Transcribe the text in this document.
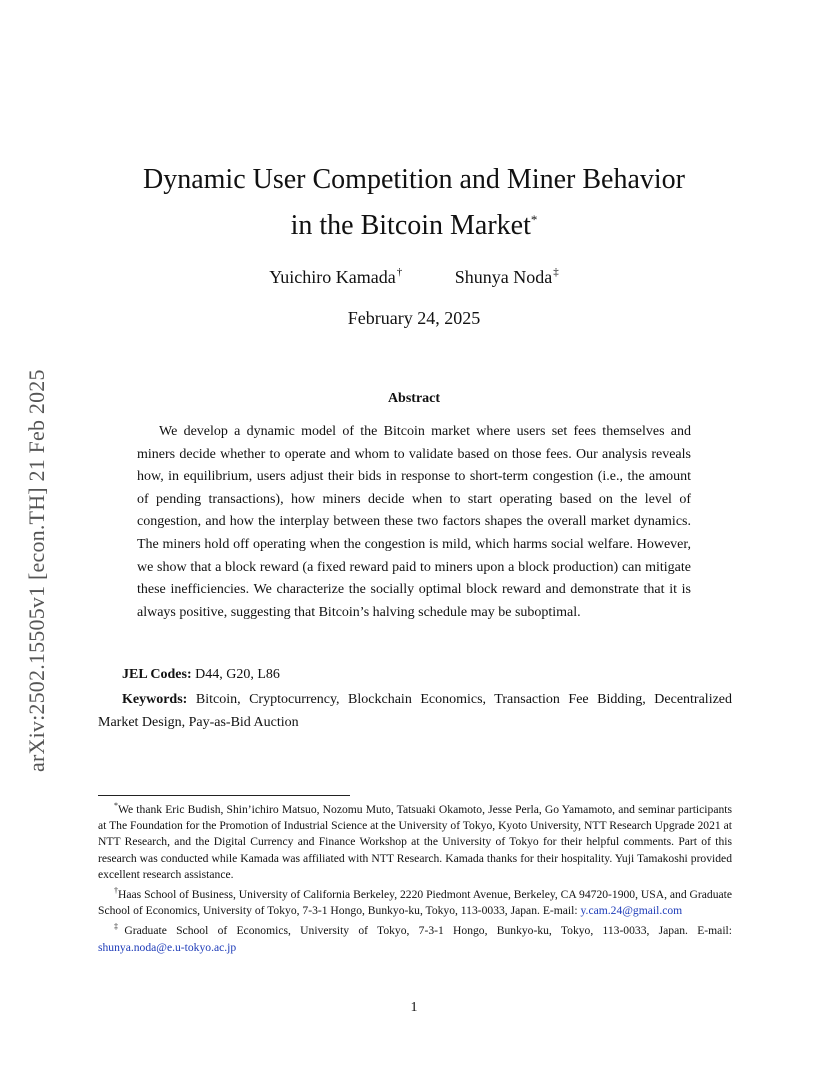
arXiv:2502.15505v1 [econ.TH] 21 Feb 2025
Dynamic User Competition and Miner Behavior
in the Bitcoin Market*
Yuichiro Kamada†	Shunya Noda‡
February 24, 2025
Abstract

We develop a dynamic model of the Bitcoin market where users set fees themselves and miners decide whether to operate and whom to validate based on those fees. Our analysis reveals how, in equilibrium, users adjust their bids in response to short-term congestion (i.e., the amount of pending transactions), how miners decide when to start operating based on the level of congestion, and how the interplay between these two factors shapes the overall market dynamics. The miners hold off operating when the congestion is mild, which harms social welfare. However, we show that a block reward (a fixed reward paid to miners upon a block production) can mitigate these inefficiencies. We characterize the socially optimal block reward and demonstrate that it is always positive, suggesting that Bitcoin’s halving schedule may be suboptimal.

JEL Codes: D44, G20, L86

Keywords: Bitcoin, Cryptocurrency, Blockchain Economics, Transaction Fee Bidding, Decentralized Market Design, Pay-as-Bid Auction

*We thank Eric Budish, Shin’ichiro Matsuo, Nozomu Muto, Tatsuaki Okamoto, Jesse Perla, Go Yamamoto, and seminar participants at The Foundation for the Promotion of Industrial Science at the University of Tokyo, Kyoto University, NTT Research Upgrade 2021 at NTT Research, and the Digital Currency and Finance Workshop at the University of Tokyo for their helpful comments. Part of this research was conducted while Kamada was affiliated with NTT Research. Kamada thanks for their hospitality. Yuji Tamakoshi provided excellent research assistance.

†Haas School of Business, University of California Berkeley, 2220 Piedmont Avenue, Berkeley, CA 94720-1900, USA, and Graduate School of Economics, University of Tokyo, 7-3-1 Hongo, Bunkyo-ku, Tokyo, 113-0033, Japan. E-mail: y.cam.24@gmail.com

‡Graduate School of Economics, University of Tokyo, 7-3-1 Hongo, Bunkyo-ku, Tokyo, 113-0033, Japan. E-mail: shunya.noda@e.u-tokyo.ac.jp

1
